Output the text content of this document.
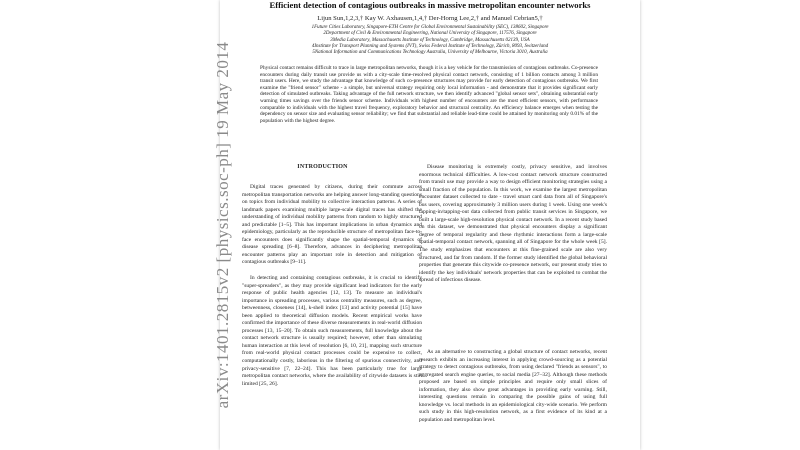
Efficient detection of contagious outbreaks in massive metropolitan encounter networks
Lijun Sun,1,2,3,† Kay W. Axhausen,1,4,† Der-Horng Lee,2,† and Manuel Cebrian5,†
1Future Cities Laboratory, Singapore-ETH Centre for Global Environmental Sustainability (SEC), 138602, Singapore
2Department of Civil & Environmental Engineering, National University of Singapore, 117576, Singapore
3Media Laboratory, Massachusetts Institute of Technology, Cambridge, Massachusetts 02139, USA
4Institute for Transport Planning and Systems (IVT), Swiss Federal Institute of Technology, Zürich, 8093, Switzerland
5National Information and Communications Technology Australia, University of Melbourne, Victoria 3010, Australia
Physical contact remains difficult to trace in large metropolitan networks, though it is a key vehicle for the transmission of contagious outbreaks. Co-presence encounters during daily transit use provide us with a city-scale time-resolved physical contact network, consisting of 1 billion contacts among 3 million transit users. Here, we study the advantage that knowledge of such co-presence structures may provide for early detection of contagious outbreaks. We first examine the "friend sensor" scheme - a simple, but universal strategy requiring only local information - and demonstrate that it provides significant early detection of simulated outbreaks. Taking advantage of the full network structure, we then identify advanced "global sensor sets", obtaining substantial early warning times savings over the friends sensor scheme. Individuals with highest number of encounters are the most efficient sensors, with performance comparable to individuals with the highest travel frequency, exploratory behavior and structural centrality. An efficiency balance emerges when testing the dependency on sensor size and evaluating sensor reliability; we find that substantial and reliable lead-time could be attained by monitoring only 0.01% of the population with the highest degree.
INTRODUCTION

Digital traces generated by citizens, during their commute across metropolitan transportation networks are helping answer long-standing questions on topics from individual mobility to collective interaction patterns. A series of landmark papers examining multiple large-scale digital traces has shifted the understanding of individual mobility patterns from random to highly structured and predictable [1–5]. This has important implications in urban dynamics and epidemiology, particularly as the reproducible structure of metropolitan face-to-face encounters does significantly shape the spatial-temporal dynamics of disease spreading [6–8]. Therefore, advances in deciphering metropolitan encounter patterns play an important role in detection and mitigation of contagious outbreaks [9–11].

In detecting and containing contagious outbreaks, it is crucial to identify "super-spreaders", as they may provide significant lead indicators for the early response of public health agencies [12, 13]. To measure an individual's importance in spreading processes, various centrality measures, such as degree, betweenness, closeness [14], k-shell index [13] and activity potential [15] have been applied to theoretical diffusion models. Recent empirical works have confirmed the importance of these diverse measurements in real-world diffusion processes [13, 15–20]. To obtain such measurements, full knowledge about the contact network structure is usually required; however, other than simulating human interaction at this level of resolution [6, 10, 21], mapping such structure from real-world physical contact processes could be expensive to collect, computationally costly, laborious in the filtering of spurious connectivity, and privacy-sensitive [7, 22–24]. This has been particularly true for large metropolitan contact networks, where the availability of citywide datasets is still limited [25, 26].

Disease monitoring is extremely costly, privacy sensitive, and involves enormous technical difficulties. A low-cost contact network structure constructed from transit use may provide a way to design efficient monitoring strategies using a small fraction of the population. In this work, we examine the largest metropolitan encounter dataset collected to date - travel smart card data from all of Singapore's bus users, covering approximately 3 million users during 1 week. Using one week's tapping-in/tapping-out data collected from public transit services in Singapore, we built a large-scale high-resolution physical contact network. In a recent study based on this dataset, we demonstrated that physical encounters display a significant degree of temporal regularity and these rhythmic interactions form a large-scale spatial-temporal contact network, spanning all of Singapore for the whole week [5]. The study emphasizes that encounters at this fine-grained scale are also very structured, and far from random. If the former study identified the global behavioral properties that generate this citywide co-presence network, our present study tries to identify the key individuals' network properties that can be exploited to combat the spread of infectious disease.

As an alternative to constructing a global structure of contact networks, recent research exhibits an increasing interest in applying crowd-sourcing as a potential strategy to detect contagious outbreaks, from using declared "friends as sensors", to aggregated search engine queries, to social media [27–32]. Although these methods proposed are based on simple principles and require only small slices of information, they also show great advantages in providing early warning. Still, interesting questions remain in comparing the possible gains of using full knowledge vs. local methods in an epidemiological city-wide scenario. We perform such study in this high-resolution network, as a first evidence of its kind at a population and metropolitan level.

arXiv:1401.2815v2 [physics.soc-ph] 19 May 2014
